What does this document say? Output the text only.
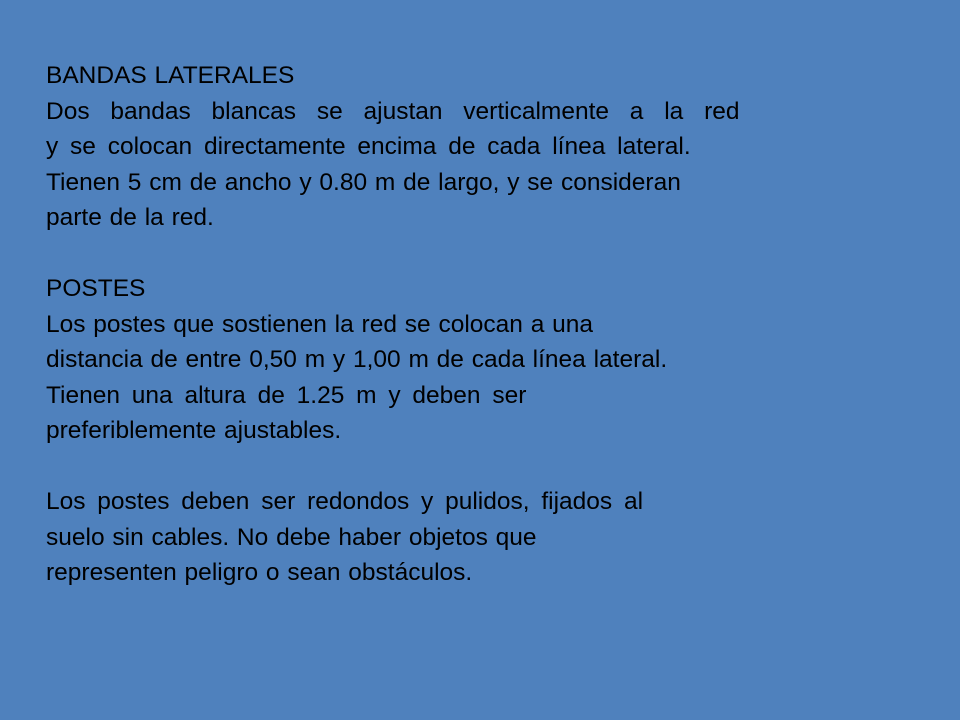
BANDAS LATERALES
Dos bandas blancas se ajustan verticalmente a la red
y se colocan directamente encima de cada línea lateral.
Tienen 5 cm de ancho y 0.80 m de largo, y se consideran
parte de la red.
POSTES
Los postes que sostienen la red se colocan a una
distancia de entre 0,50 m y 1,00 m de cada línea lateral.
Tienen una altura de 1.25 m y deben ser
preferiblemente ajustables.
Los postes deben ser redondos y pulidos, fijados al
suelo sin cables. No debe haber objetos que
representen peligro o sean obstáculos.
